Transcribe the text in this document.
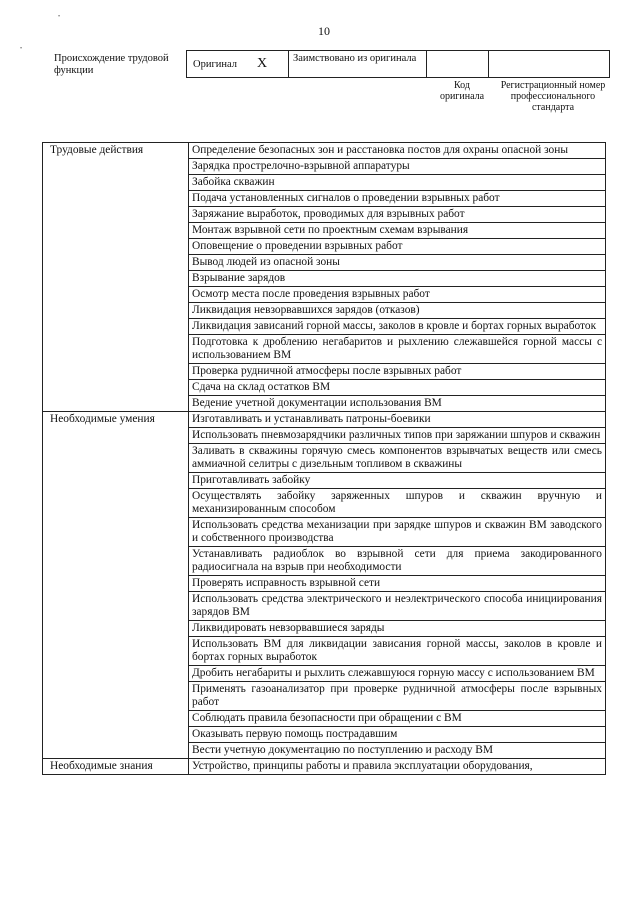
10
•
•
Происхождение трудовой функции
Оригинал X	Заимствовано из оригинала
Код оригинала
Регистрационный номер профессионального стандарта
Трудовые действия	Определение безопасных зон и расстановка постов для охраны опасной зоны
	Зарядка прострелочно-взрывной аппаратуры
	Забойка скважин
	Подача установленных сигналов о проведении взрывных работ
	Заряжание выработок, проводимых для взрывных работ
	Монтаж взрывной сети по проектным схемам взрывания
	Оповещение о проведении взрывных работ
	Вывод людей из опасной зоны
	Взрывание зарядов
	Осмотр места после проведения взрывных работ
	Ликвидация невзорвавшихся зарядов (отказов)
	Ликвидация зависаний горной массы, заколов в кровле и бортах горных выработок
	Подготовка к дроблению негабаритов и рыхлению слежавшейся горной массы с использованием ВМ
	Проверка рудничной атмосферы после взрывных работ
	Сдача на склад остатков ВМ
	Ведение учетной документации использования ВМ
Необходимые умения	Изготавливать и устанавливать патроны-боевики
	Использовать пневмозарядчики различных типов при заряжании шпуров и скважин
	Заливать в скважины горячую смесь компонентов взрывчатых веществ или смесь аммиачной селитры с дизельным топливом в скважины
	Приготавливать забойку
	Осуществлять забойку заряженных шпуров и скважин вручную и механизированным способом
	Использовать средства механизации при зарядке шпуров и скважин ВМ заводского и собственного производства
	Устанавливать радиоблок во взрывной сети для приема закодированного радиосигнала на взрыв при необходимости
	Проверять исправность взрывной сети
	Использовать средства электрического и неэлектрического способа инициирования зарядов ВМ
	Ликвидировать невзорвавшиеся заряды
	Использовать ВМ для ликвидации зависания горной массы, заколов в кровле и бортах горных выработок
	Дробить негабариты и рыхлить слежавшуюся горную массу с использованием ВМ
	Применять газоанализатор при проверке рудничной атмосферы после взрывных работ
	Соблюдать правила безопасности при обращении с ВМ
	Оказывать первую помощь пострадавшим
	Вести учетную документацию по поступлению и расходу ВМ
Необходимые знания	Устройство, принципы работы и правила эксплуатации оборудования,
